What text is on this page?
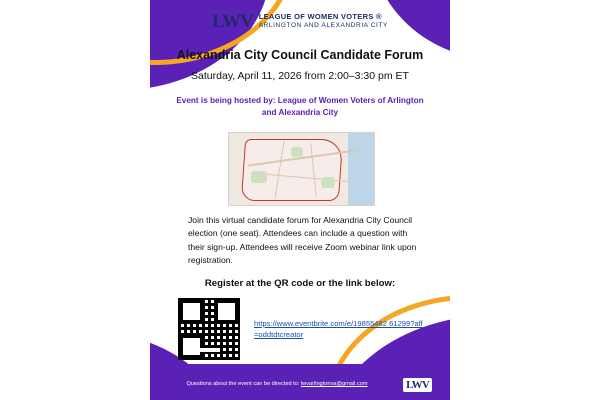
LWV LEAGUE OF WOMEN VOTERS ®
ARLINGTON AND ALEXANDRIA CITY
Alexandria City Council Candidate Forum
Saturday, April 11, 2026 from 2:00–3:30 pm ET
Event is being hosted by: League of Women Voters of Arlington and Alexandria City
Join this virtual candidate forum for Alexandria City Council election (one seat). Attendees can include a question with their sign-up. Attendees will receive Zoom webinar link upon registration.
Register at the QR code or the link below:
https://www.eventbrite.com/e/19855482 61299?aff=oddtdtcreator
Questions about the event can be directed to: lwvarlingtonva@gmail.com	LWV
